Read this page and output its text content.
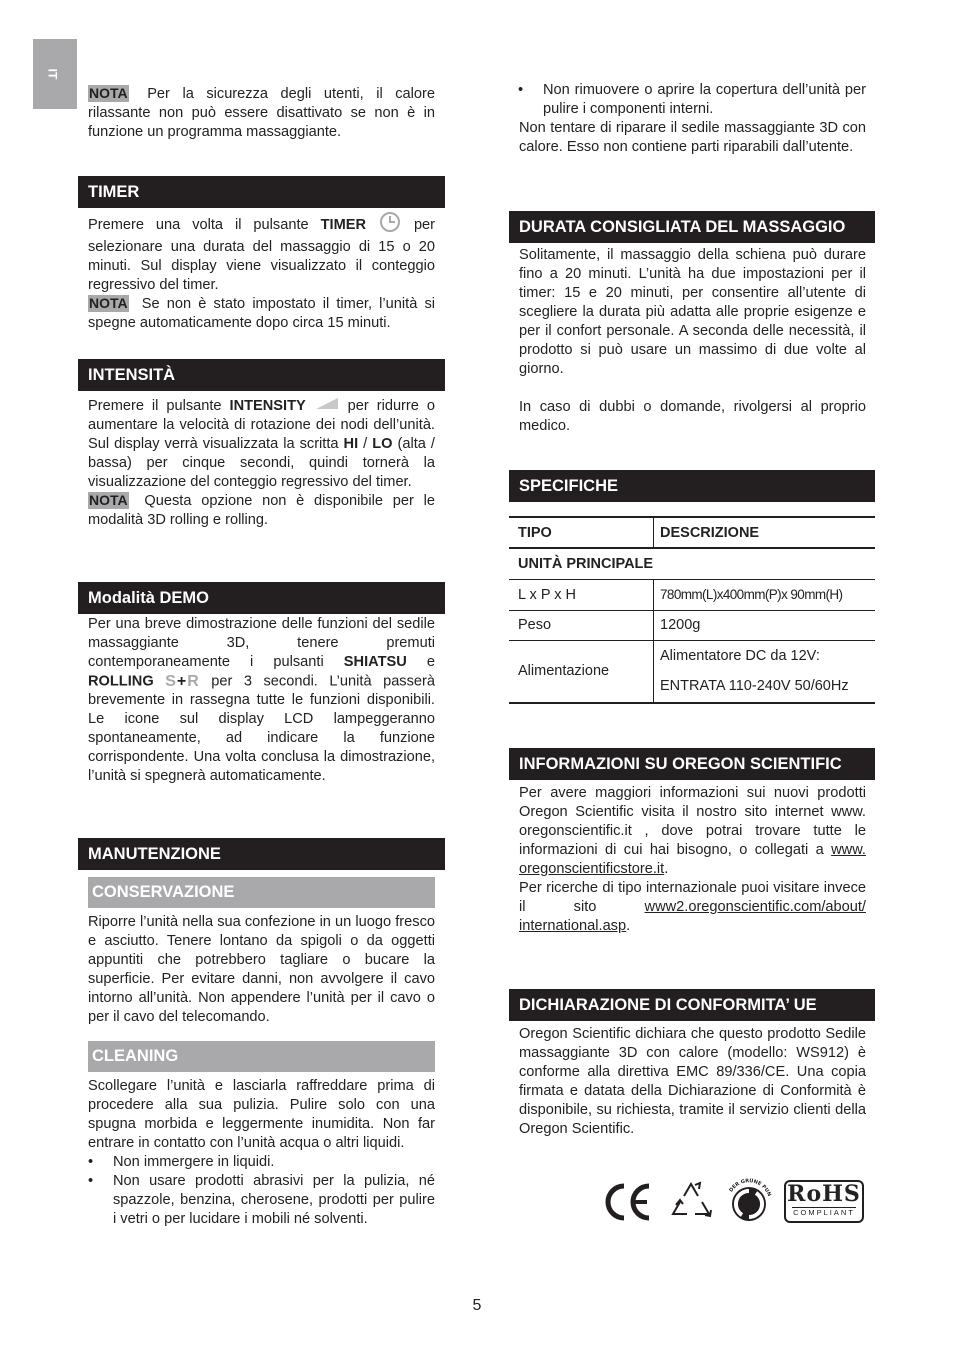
IT

NOTA Per la sicurezza degli utenti, il calore rilassante non può essere disattivato se non è in funzione un programma massaggiante.

TIMER

Premere una volta il pulsante TIMER	per selezionare una durata del massaggio di 15 o 20 minuti. Sul display viene visualizzato il conteggio regressivo del timer.

NOTA Se non è stato impostato il timer, l’unità si spegne automaticamente dopo circa 15 minuti.

INTENSITÀ

Premere il pulsante INTENSITY	per ridurre o aumentare la velocità di rotazione dei nodi dell’unità. Sul display verrà visualizzata la scritta HI / LO (alta / bassa) per cinque secondi, quindi tornerà la visualizzazione del conteggio regressivo del timer.

NOTA Questa opzione non è disponibile per le modalità 3D rolling e rolling.

Modalità DEMO

Per una breve dimostrazione delle funzioni del sedile massaggiante 3D, tenere premuti contemporaneamente i pulsanti SHIATSU e ROLLING S+R per 3 secondi. L’unità passerà brevemente in rassegna tutte le funzioni disponibili. Le icone sul display LCD lampeggeranno spontaneamente, ad indicare la funzione corrispondente. Una volta conclusa la dimostrazione, l’unità si spegnerà automaticamente.

MANUTENZIONE
CONSERVAZIONE

Riporre l’unità nella sua confezione in un luogo fresco e asciutto. Tenere lontano da spigoli o da oggetti appuntiti che potrebbero tagliare o bucare la superficie. Per evitare danni, non avvolgere il cavo intorno all’unità. Non appendere l’unità per il cavo o per il cavo del telecomando.

CLEANING

Scollegare l’unità e lasciarla raffreddare prima di procedere alla sua pulizia. Pulire solo con una spugna morbida e leggermente inumidita. Non far entrare in contatto con l’unità acqua o altri liquidi.

• Non immergere in liquidi.
• Non usare prodotti abrasivi per la pulizia, né spazzole, benzina, cherosene, prodotti per pulire i vetri o per lucidare i mobili né solventi.
• Non rimuovere o aprire la copertura dell’unità per pulire i componenti interni.

Non tentare di riparare il sedile massaggiante 3D con calore. Esso non contiene parti riparabili dall’utente.

DURATA CONSIGLIATA DEL MASSAGGIO

Solitamente, il massaggio della schiena può durare fino a 20 minuti. L’unità ha due impostazioni per il timer: 15 e 20 minuti, per consentire all’utente di scegliere la durata più adatta alle proprie esigenze e per il confort personale. A seconda delle necessità, il prodotto si può usare un massimo di due volte al giorno.

In caso di dubbi o domande, rivolgersi al proprio medico.

SPECIFICHE
TIPO	DESCRIZIONE
UNITÀ PRINCIPALE	
L x P x H	780mm(L)x400mm(P)x 90mm(H)
Peso	1200g
Alimentazione	Alimentatore DC da 12V:
ENTRATA 110-240V 50/60Hz
INFORMAZIONI SU OREGON SCIENTIFIC

Per avere maggiori informazioni sui nuovi prodotti Oregon Scientific visita il nostro sito internet www. oregonscientific.it , dove potrai trovare tutte le informazioni di cui hai bisogno, o collegati a www. oregonscientificstore.it.

Per ricerche di tipo internazionale puoi visitare invece il sito	www2.oregonscientific.com/about/ international.asp.

DICHIARAZIONE DI CONFORMITA’ UE

Oregon Scientific dichiara che questo prodotto Sedile massaggiante 3D con calore (modello: WS912) è conforme alla direttiva EMC 89/336/CE. Una copia firmata e datata della Dichiarazione di Conformità è disponibile, su richiesta, tramite il servizio clienti della Oregon Scientific.

DER GRÜNE PUN RoHS
COMPLIANT
5
